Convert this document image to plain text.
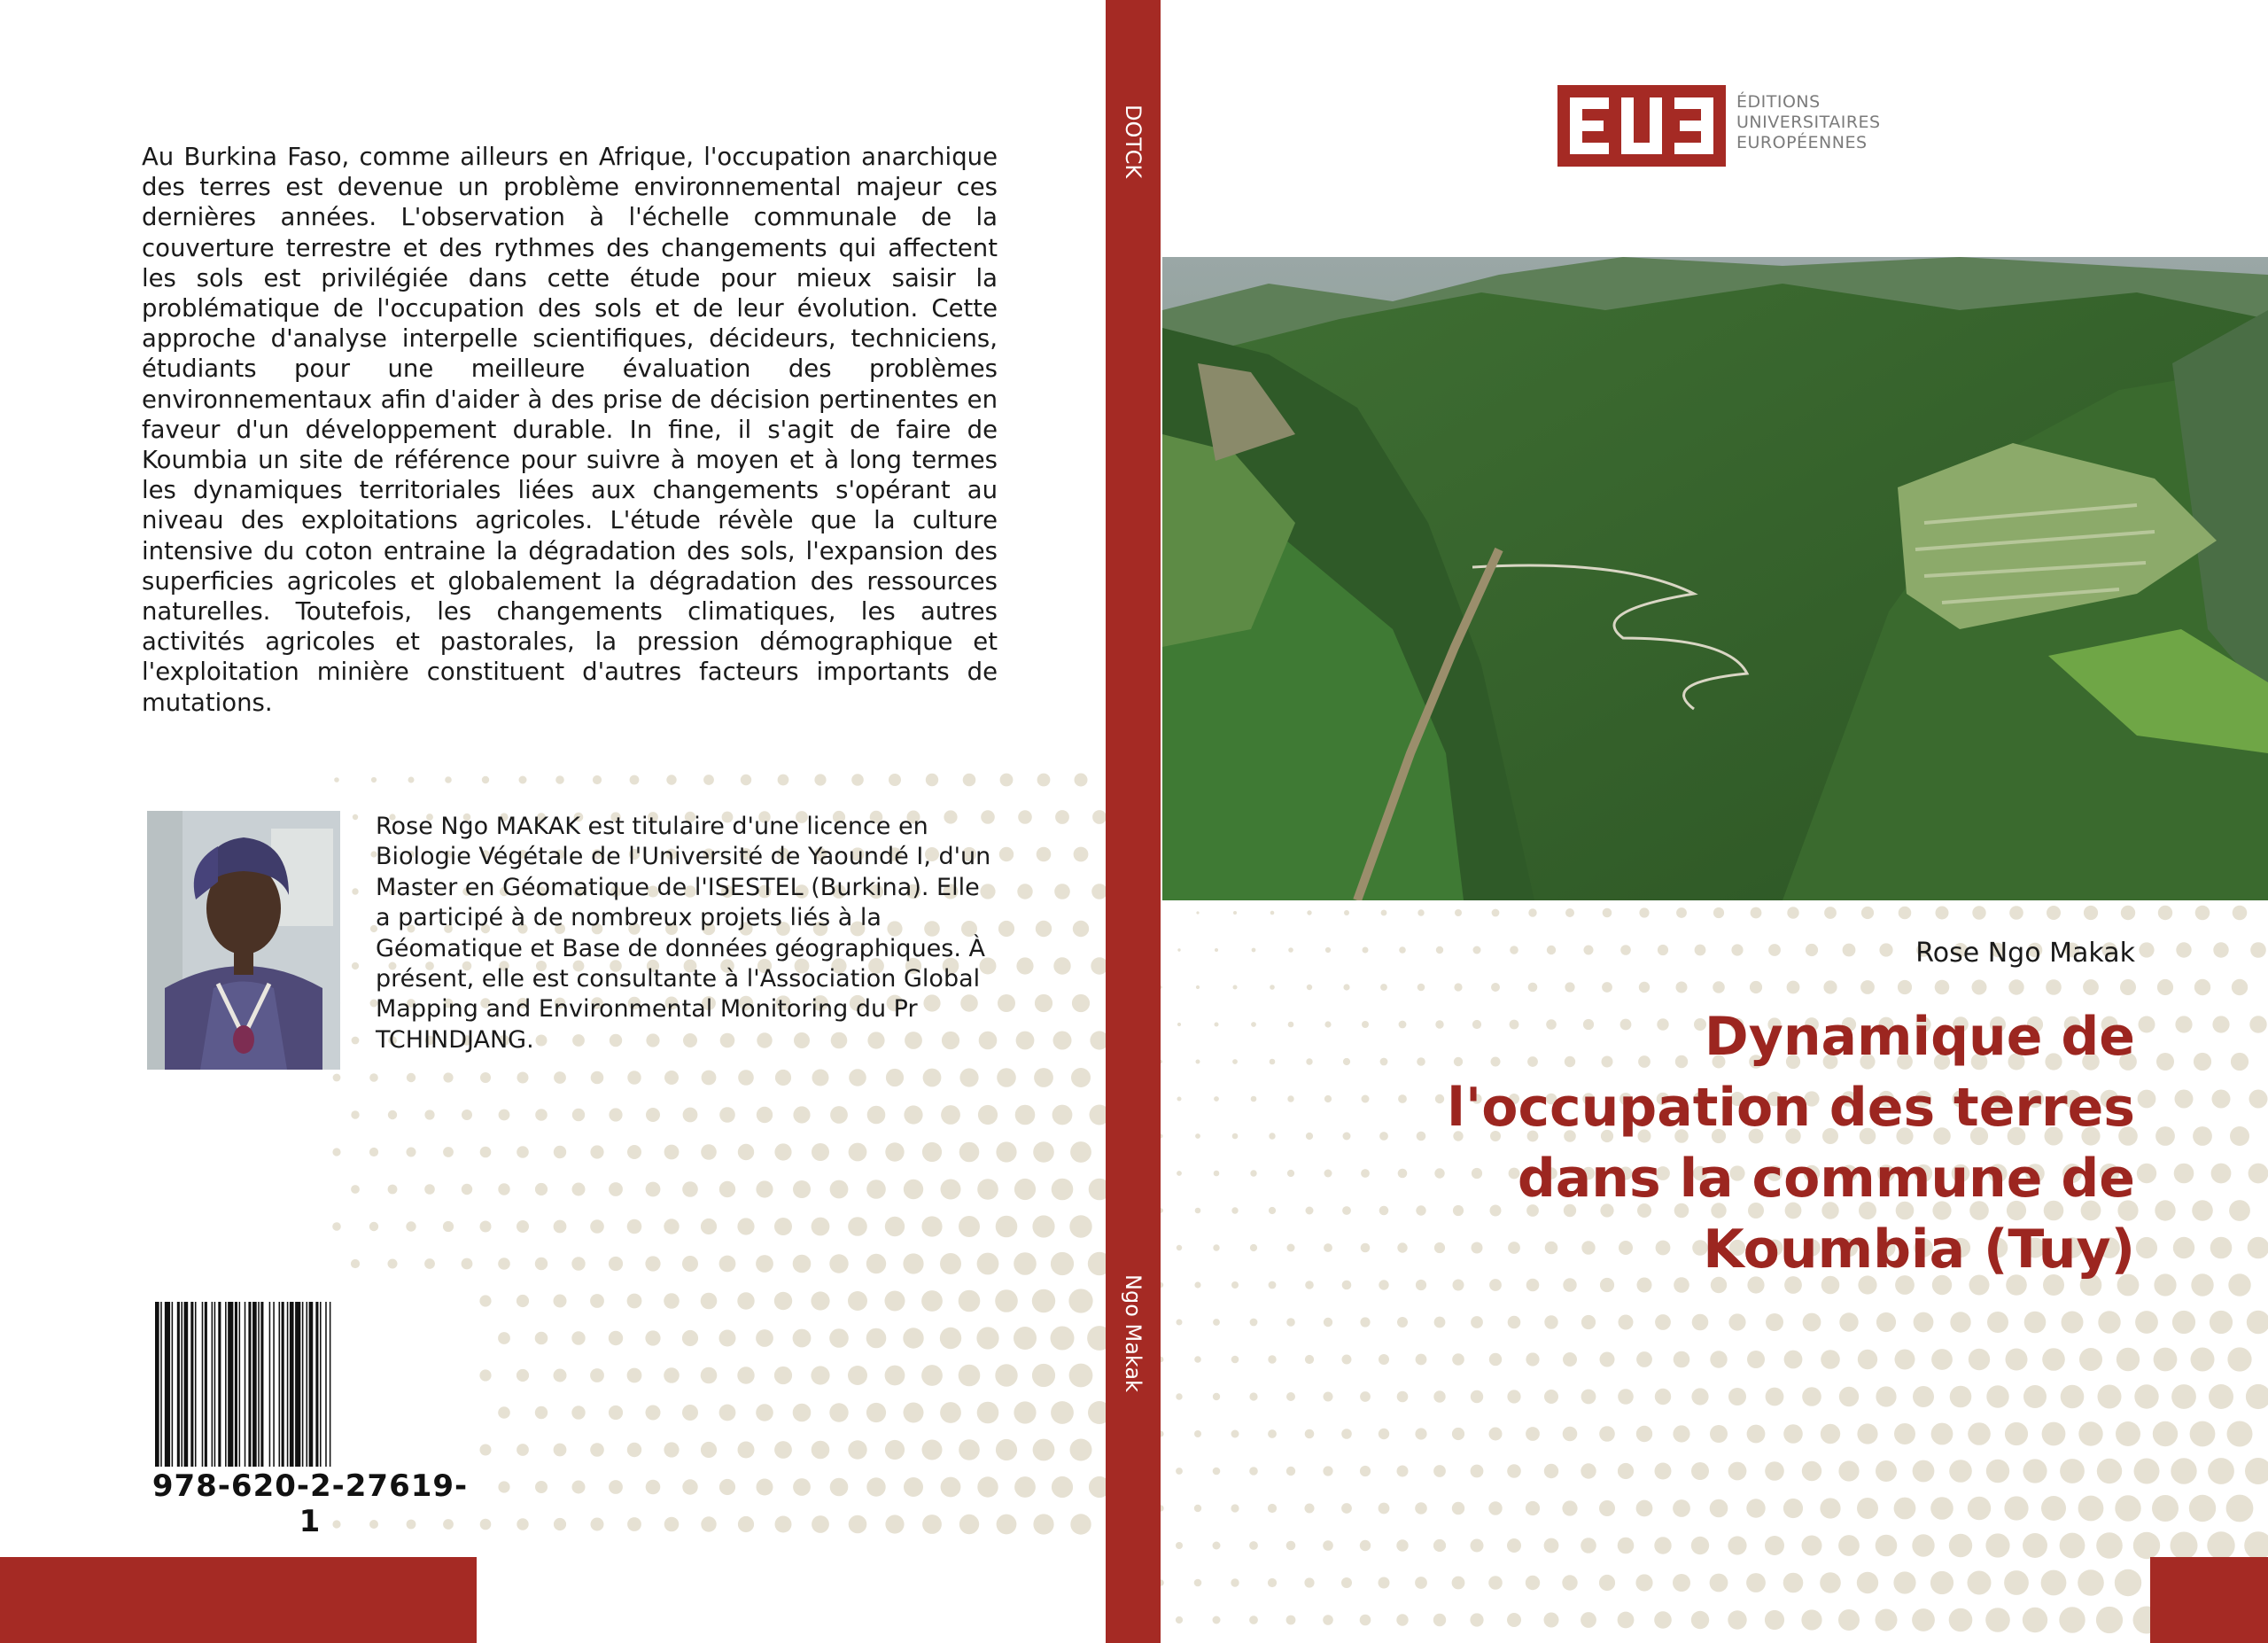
Au Burkina Faso, comme ailleurs en Afrique, l'occupation anarchique des terres est devenue un problème environnemental majeur ces dernières années. L'observation à l'échelle communale de la couverture terrestre et des rythmes des changements qui affectent les sols est privilégiée dans cette étude pour mieux saisir la problématique de l'occupation des sols et de leur évolution. Cette approche d'analyse interpelle scientifiques, décideurs, techniciens, étudiants pour une meilleure évaluation des problèmes environnementaux afin d'aider à des prise de décision pertinentes en faveur d'un développement durable. In fine, il s'agit de faire de Koumbia un site de référence pour suivre à moyen et à long termes les dynamiques territoriales liées aux changements s'opérant au niveau des exploitations agricoles. L'étude révèle que la culture intensive du coton entraine la dégradation des sols, l'expansion des superficies agricoles et globalement la dégradation des ressources naturelles. Toutefois, les changements climatiques, les autres activités agricoles et pastorales, la pression démographique et l'exploitation minière constituent d'autres facteurs importants de mutations.

Rose Ngo MAKAK est titulaire d'une licence en Biologie Végétale de l'Université de Yaoundé I, d'un Master en Géomatique de l'ISESTEL (Burkina). Elle a participé à de nombreux projets liés à la Géomatique et Base de données géographiques. À présent, elle est consultante à l'Association Global Mapping and Environmental Monitoring du Pr TCHINDJANG.

978-620-2-27619-1
DOTCK
Ngo Makak
ÉDITIONS
UNIVERSITAIRES
EUROPÉENNES
Rose Ngo Makak
Dynamique de
l'occupation des terres
dans la commune de
Koumbia (Tuy)
